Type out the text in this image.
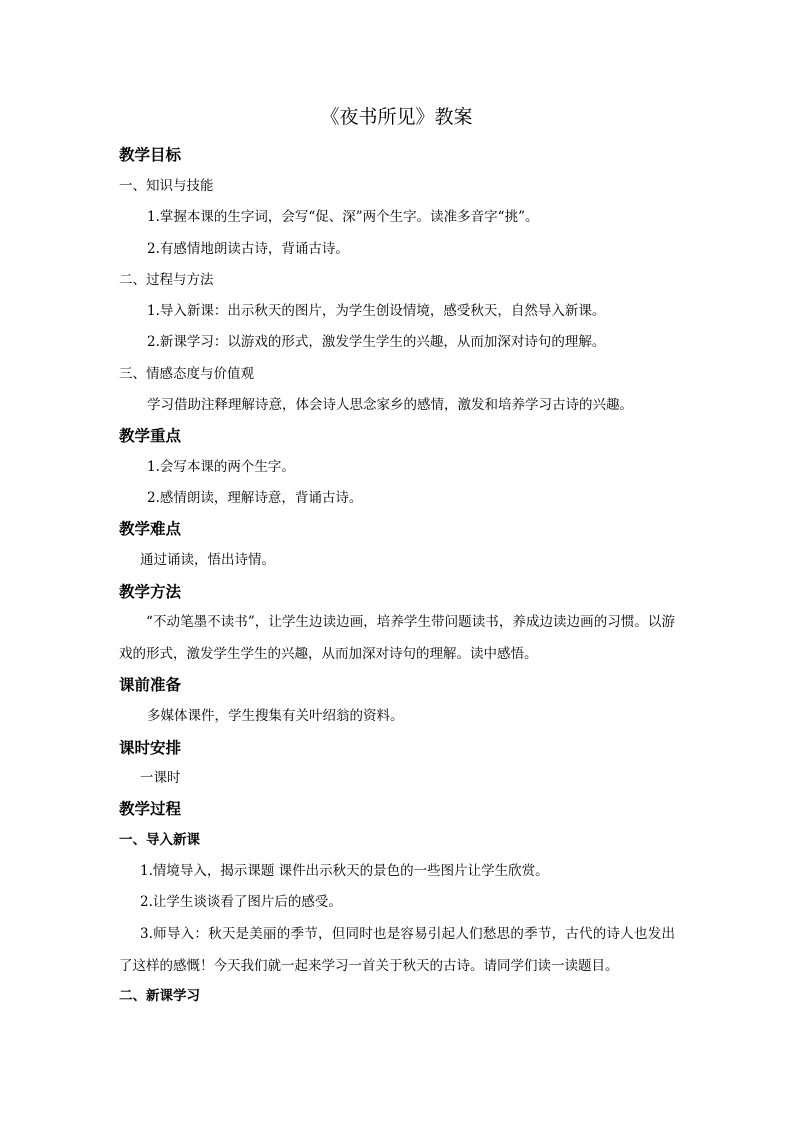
《夜书所见》教案
教学目标
一、知识与技能
1.掌握本课的生字词，会写“促、深”两个生字。读准多音字“挑”。
2.有感情地朗读古诗，背诵古诗。
二、过程与方法
1.导入新课：出示秋天的图片，为学生创设情境，感受秋天，自然导入新课。
2.新课学习：以游戏的形式，激发学生学生的兴趣，从而加深对诗句的理解。
三、情感态度与价值观
学习借助注释理解诗意，体会诗人思念家乡的感情，激发和培养学习古诗的兴趣。
教学重点
1.会写本课的两个生字。
2.感情朗读，理解诗意，背诵古诗。
教学难点
通过诵读，悟出诗情。
教学方法
“不动笔墨不读书”，让学生边读边画，培养学生带问题读书，养成边读边画的习惯。以游戏的形式，激发学生学生的兴趣，从而加深对诗句的理解。读中感悟。
课前准备
多媒体课件，学生搜集有关叶绍翁的资料。
课时安排
一课时
教学过程
一、导入新课
1.情境导入，揭示课题 课件出示秋天的景色的一些图片让学生欣赏。
2.让学生谈谈看了图片后的感受。
3.师导入：秋天是美丽的季节，但同时也是容易引起人们愁思的季节，古代的诗人也发出了这样的感慨！今天我们就一起来学习一首关于秋天的古诗。请同学们读一读题目。
二、新课学习
